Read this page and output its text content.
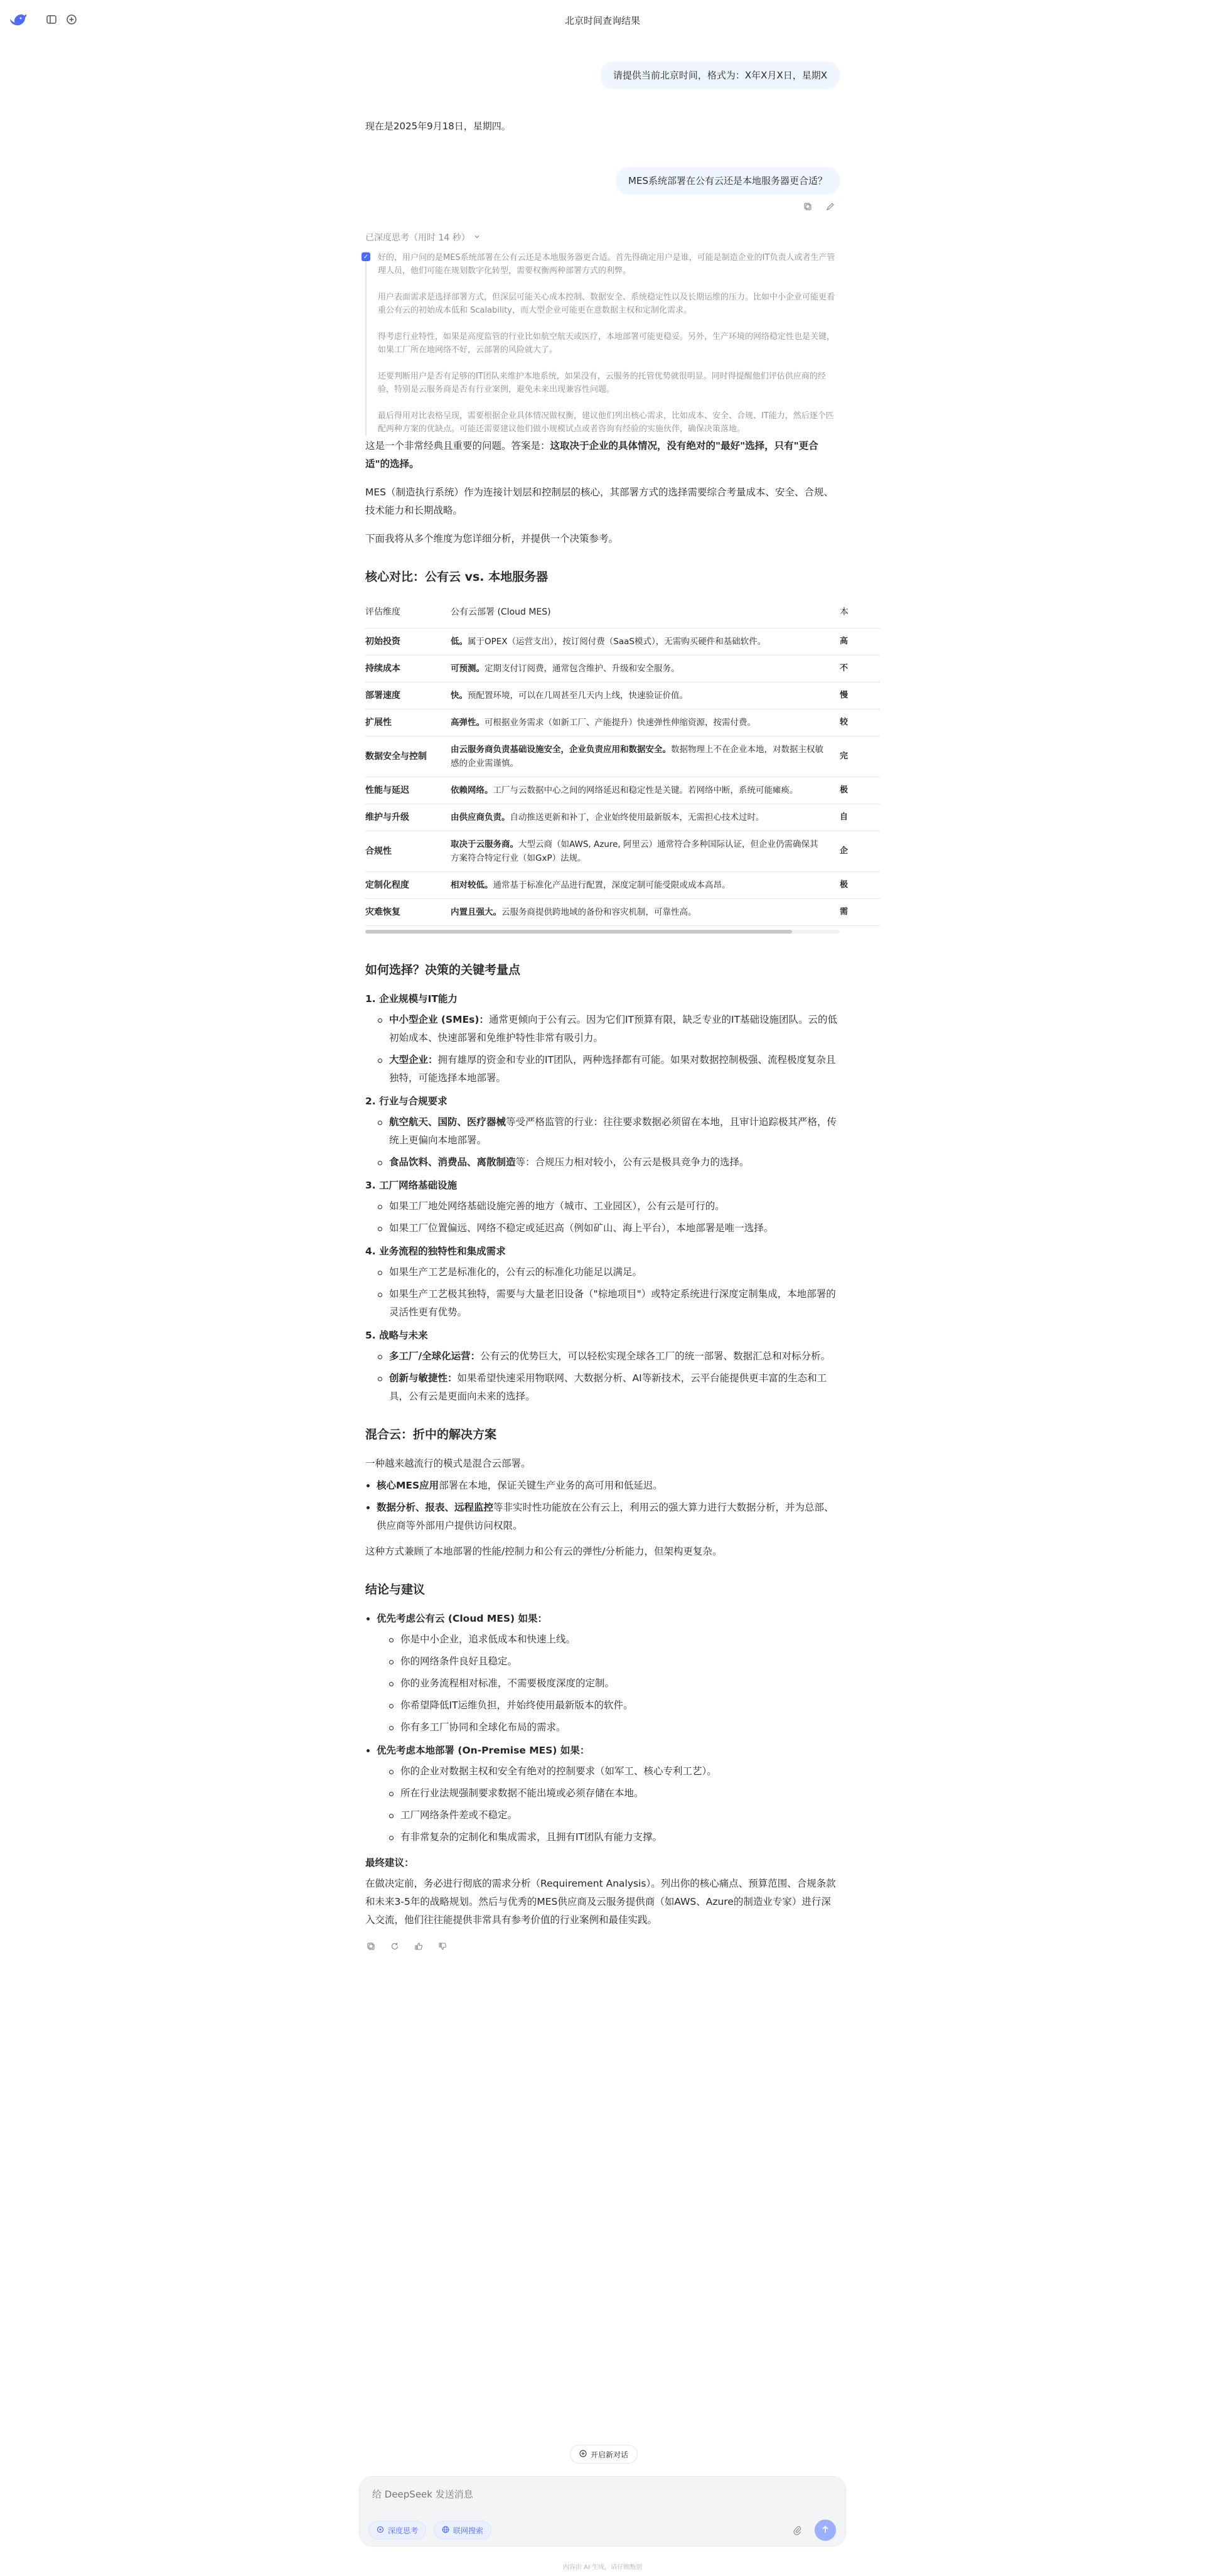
北京时间查询结果
请提供当前北京时间，格式为：X年X月X日，星期X
现在是2025年9月18日，星期四。
MES系统部署在公有云还是本地服务器更合适？
已深度思考（用时 14 秒）
✓ 好的，用户问的是MES系统部署在公有云还是本地服务器更合适。首先得确定用户是谁，可能是制造企业的IT负责人或者生产管理人员，他们可能在规划数字化转型，需要权衡两种部署方式的利弊。

用户表面需求是选择部署方式，但深层可能关心成本控制、数据安全、系统稳定性以及长期运维的压力。比如中小企业可能更看重公有云的初始成本低和 Scalability，而大型企业可能更在意数据主权和定制化需求。

得考虑行业特性，如果是高度监管的行业比如航空航天或医疗，本地部署可能更稳妥。另外，生产环境的网络稳定性也是关键，如果工厂所在地网络不好，云部署的风险就大了。

还要判断用户是否有足够的IT团队来维护本地系统，如果没有，云服务的托管优势就很明显。同时得提醒他们评估供应商的经验，特别是云服务商是否有行业案例，避免未来出现兼容性问题。

最后得用对比表格呈现，需要根据企业具体情况做权衡，建议他们列出核心需求，比如成本、安全、合规、IT能力，然后逐个匹配两种方案的优缺点。可能还需要建议他们做小规模试点或者咨询有经验的实施伙伴，确保决策落地。

这是一个非常经典且重要的问题。答案是：这取决于企业的具体情况，没有绝对的"最好"选择，只有"更合适"的选择。

MES（制造执行系统）作为连接计划层和控制层的核心，其部署方式的选择需要综合考量成本、安全、合规、技术能力和长期战略。

下面我将从多个维度为您详细分析，并提供一个决策参考。

核心对比：公有云 vs. 本地服务器
评估维度	公有云部署 (Cloud MES)	本
初始投资	低。属于OPEX（运营支出），按订阅付费（SaaS模式），无需购买硬件和基础软件。	高
持续成本	可预测。定期支付订阅费，通常包含维护、升级和安全服务。	不
部署速度	快。预配置环境，可以在几周甚至几天内上线，快速验证价值。	慢
扩展性	高弹性。可根据业务需求（如新工厂、产能提升）快速弹性伸缩资源，按需付费。	较
数据安全与控制	由云服务商负责基础设施安全，企业负责应用和数据安全。数据物理上不在企业本地，对数据主权敏感的企业需谨慎。	完
性能与延迟	依赖网络。工厂与云数据中心之间的网络延迟和稳定性是关键。若网络中断，系统可能瘫痪。	极
维护与升级	由供应商负责。自动推送更新和补丁，企业始终使用最新版本，无需担心技术过时。	自
合规性	取决于云服务商。大型云商（如AWS, Azure, 阿里云）通常符合多种国际认证，但企业仍需确保其方案符合特定行业（如GxP）法规。	企
定制化程度	相对较低。通常基于标准化产品进行配置，深度定制可能受限或成本高昂。	极
灾难恢复	内置且强大。云服务商提供跨地域的备份和容灾机制，可靠性高。	需
如何选择？决策的关键考量点
1. 企业规模与IT能力
中小型企业 (SMEs)：通常更倾向于公有云。因为它们IT预算有限，缺乏专业的IT基础设施团队。云的低初始成本、快速部署和免维护特性非常有吸引力。
大型企业：拥有雄厚的资金和专业的IT团队，两种选择都有可能。如果对数据控制极强、流程极度复杂且独特，可能选择本地部署。
2. 行业与合规要求
航空航天、国防、医疗器械等受严格监管的行业：往往要求数据必须留在本地，且审计追踪极其严格，传统上更偏向本地部署。
食品饮料、消费品、离散制造等：合规压力相对较小，公有云是极具竞争力的选择。
3. 工厂网络基础设施
如果工厂地处网络基础设施完善的地方（城市、工业园区），公有云是可行的。
如果工厂位置偏远、网络不稳定或延迟高（例如矿山、海上平台），本地部署是唯一选择。
4. 业务流程的独特性和集成需求
如果生产工艺是标准化的，公有云的标准化功能足以满足。
如果生产工艺极其独特，需要与大量老旧设备（"棕地项目"）或特定系统进行深度定制集成，本地部署的灵活性更有优势。
5. 战略与未来
多工厂/全球化运营：公有云的优势巨大，可以轻松实现全球各工厂的统一部署、数据汇总和对标分析。
创新与敏捷性：如果希望快速采用物联网、大数据分析、AI等新技术，云平台能提供更丰富的生态和工具，公有云是更面向未来的选择。
混合云：折中的解决方案

一种越来越流行的模式是混合云部署。

核心MES应用部署在本地，保证关键生产业务的高可用和低延迟。
数据分析、报表、远程监控等非实时性功能放在公有云上，利用云的强大算力进行大数据分析，并为总部、供应商等外部用户提供访问权限。

这种方式兼顾了本地部署的性能/控制力和公有云的弹性/分析能力，但架构更复杂。

结论与建议
优先考虑公有云 (Cloud MES) 如果：
你是中小企业，追求低成本和快速上线。
你的网络条件良好且稳定。
你的业务流程相对标准，不需要极度深度的定制。
你希望降低IT运维负担，并始终使用最新版本的软件。
你有多工厂协同和全球化布局的需求。
优先考虑本地部署 (On-Premise MES) 如果：
你的企业对数据主权和安全有绝对的控制要求（如军工、核心专利工艺）。
所在行业法规强制要求数据不能出境或必须存储在本地。
工厂网络条件差或不稳定。
有非常复杂的定制化和集成需求，且拥有IT团队有能力支撑。

最终建议：

在做决定前，务必进行彻底的需求分析（Requirement Analysis）。列出你的核心痛点、预算范围、合规条款和未来3-5年的战略规划。然后与优秀的MES供应商及云服务提供商（如AWS、Azure的制造业专家）进行深入交流，他们往往能提供非常具有参考价值的行业案例和最佳实践。

开启新对话
给 DeepSeek 发送消息
深度思考	联网搜索
内容由 AI 生成，请仔细甄别
